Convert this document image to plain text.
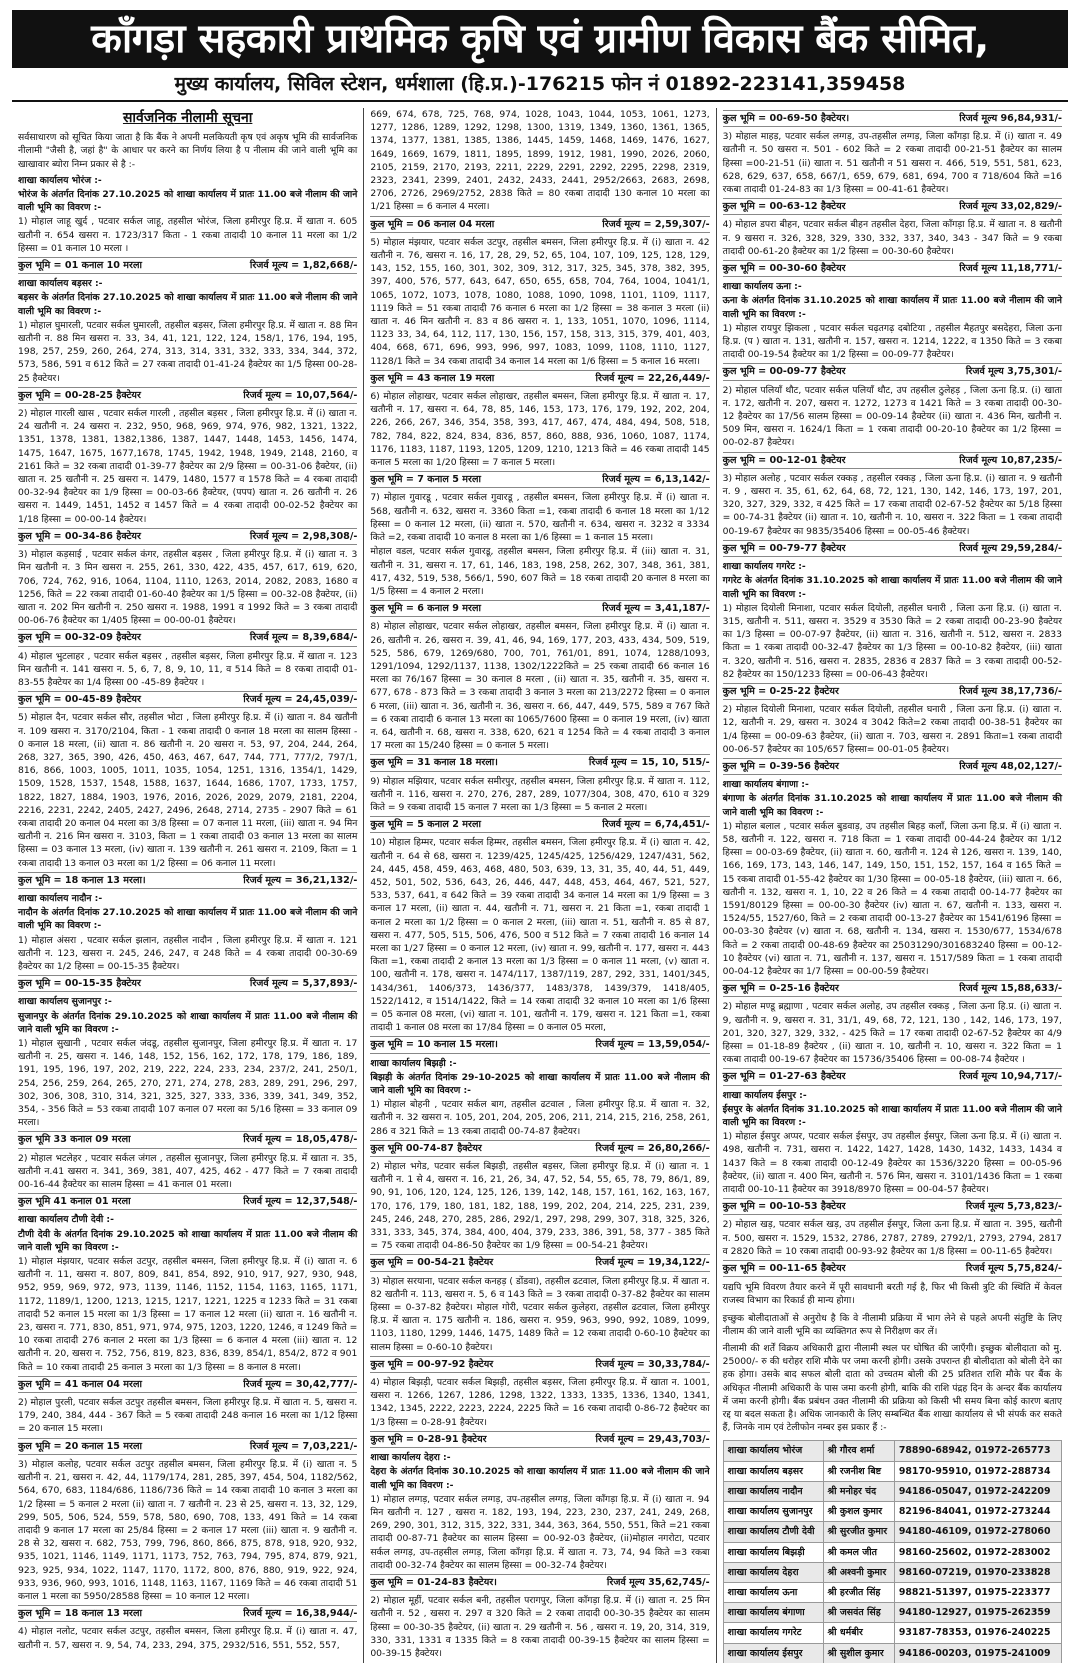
काँगड़ा सहकारी प्राथमिक कृषि एवं ग्रामीण विकास बैंक सीमित,
मुख्य कार्यालय, सिविल स्टेशन, धर्मशाला (हि.प्र.)-176215 फोन नं 01892-223141,359458
सार्वजनिक नीलामी सूचना

सर्वसाधारण को सूचित किया जाता है कि बैंक ने अपनी मलकियती कृष एवं अकृष भूमि की सार्वजनिक नीलामी "जैसी है, जहां है" के आधार पर करने का निर्णय लिया है प नीलाम की जाने वाली भूमि का खाखावार ब्योरा निम्न प्रकार से है :-

शाखा कार्यालय भोरंज :-
भोरंज के अंतर्गत दिनांक 27.10.2025 को शाखा कार्यालय में प्रातः 11.00 बजे नीलाम की जाने वाली भूमि का विवरण :-

1) मोहाल जाहू खुर्द , पटवार सर्कल जाहू, तहसील भोरंज, जिला हमीरपुर हि.प्र. में खाता न. 605 खतौनी न. 654 खसरा न. 1723/317 किता - 1 रकबा तादादी 10 कनाल 11 मरला का 1/2 हिस्सा = 01 कनाल 10 मरला ।

कुल भूमि = 01 कनाल 10 मरला	रिजर्व मूल्य = 1,82,668/-
शाखा कार्यालय बड़सर :-
बड़सर के अंतर्गत दिनांक 27.10.2025 को शाखा कार्यालय में प्रातः 11.00 बजे नीलाम की जाने वाली भूमि का विवरण :-

1) मोहाल घुमारली, पटवार सर्कल घुमारली, तहसील बड़सर, जिला हमीरपुर हि.प्र. में खाता न. 88 मिन खतौनी न. 88 मिन खसरा न. 33, 34, 41, 121, 122, 124, 158/1, 176, 194, 195, 198, 257, 259, 260, 264, 274, 313, 314, 331, 332, 333, 334, 344, 372, 573, 586, 591 व 612 किते = 27 रकबा तादादी 01-41-24 हैक्टेयर का 1/5 हिस्सा 00-28-25 हैक्टेयर।

कुल भूमि = 00-28-25 हैक्टेयर	रिजर्व मूल्य = 10,07,564/-

2) मोहाल गारली खास , पटवार सर्कल गारली , तहसील बड़सर , जिला हमीरपुर हि.प्र. में (i) खाता न. 24 खतौनी न. 24 खसरा न. 232, 950, 968, 969, 974, 976, 982, 1321, 1322, 1351, 1378, 1381, 1382,1386, 1387, 1447, 1448, 1453, 1456, 1474, 1475, 1647, 1675, 1677,1678, 1745, 1942, 1948, 1949, 2148, 2160, व 2161 किते = 32 रकबा तादादी 01-39-77 हैक्टेयर का 2/9 हिस्सा = 00-31-06 हैक्टेयर, (ii) खाता न. 25 खतौनी न. 25 खसरा न. 1479, 1480, 1577 व 1578 किते = 4 रकबा तादादी 00-32-94 हैक्टेयर का 1/9 हिस्सा = 00-03-66 हैक्टेयर, (पपप) खाता न. 26 खतौनी न. 26 खसरा न. 1449, 1451, 1452 व 1457 किते = 4 रकबा तादादी 00-02-52 हैक्टेयर का 1/18 हिस्सा = 00-00-14 हैक्टेयर।

कुल भूमि = 00-34-86 हैक्टेयर	रिजर्व मूल्य = 2,98,308/-

3) मोहाल कड़साई , पटवार सर्कल कंगर, तहसील बड़सर , जिला हमीरपुर हि.प्र. में (i) खाता न. 3 मिन खतौनी न. 3 मिन खसरा न. 255, 261, 330, 422, 435, 457, 617, 619, 620, 706, 724, 762, 916, 1064, 1104, 1110, 1263, 2014, 2082, 2083, 1680 व 1256, किते = 22 रकबा तादादी 01-60-40 हैक्टेयर का 1/5 हिस्सा = 00-32-08 हैक्टेयर, (ii) खाता न. 202 मिन खतौनी न. 250 खसरा न. 1988, 1991 व 1992 किते = 3 रकबा तादादी 00-06-76 हैक्टेयर का 1/405 हिस्सा = 00-00-01 हैक्टेयर।

कुल भूमि = 00-32-09 हैक्टेयर	रिजर्व मूल्य = 8,39,684/-

4) मोहाल भुटलाहर , पटवार सर्कल बड़सर , तहसील बड़सर, जिला हमीरपुर हि.प्र. में खाता न. 123 मिन खतौनी न. 141 खसरा न. 5, 6, 7, 8, 9, 10, 11, व 514 किते = 8 रकबा तादादी 01-83-55 हैक्टेयर का 1/4 हिस्सा 00 -45-89 हैक्टेयर ।

कुल भूमि = 00-45-89 हैक्टेयर	रिजर्व मूल्य = 24,45,039/-

5) मोहाल दैन, पटवार सर्कल सौर, तहसील भोटा , जिला हमीरपुर हि.प्र. में (i) खाता न. 84 खतौनी न. 109 खसरा न. 3170/2104, किता - 1 रकबा तादादी 0 कनाल 18 मरला का सालम हिस्सा - 0 कनाल 18 मरला, (ii) खाता न. 86 खतौनी न. 20 खसरा न. 53, 97, 204, 244, 264, 268, 327, 365, 390, 426, 450, 463, 467, 647, 744, 771, 777/2, 797/1, 816, 866, 1003, 1005, 1011, 1035, 1054, 1251, 1316, 1354/1, 1429, 1509, 1528, 1537, 1548, 1588, 1637, 1644, 1686, 1707, 1733, 1757, 1822, 1827, 1884, 1903, 1976, 2016, 2026, 2029, 2079, 2181, 2204, 2216, 2231, 2242, 2405, 2427, 2496, 2648, 2714, 2735 - 2907 किते = 61 रकबा तादादी 20 कनाल 04 मरला का 3/8 हिस्सा = 07 कनाल 11 मरला, (iii) खाता न. 94 मिन खतौनी न. 216 मिन खसरा न. 3103, किता = 1 रकबा तादादी 03 कनाल 13 मरला का सालम हिस्सा = 03 कनाल 13 मरला, (iv) खाता न. 139 खतौनी न. 261 खसरा न. 2109, किता = 1 रकबा तादादी 13 कनाल 03 मरला का 1/2 हिस्सा = 06 कनाल 11 मरला।

कुल भूमि = 18 कनाल 13 मरला।	रिजर्व मूल्य = 36,21,132/-
शाखा कार्यालय नादौन :-
नादौन के अंतर्गत दिनांक 27.10.2025 को शाखा कार्यालय में प्रातः 11.00 बजे नीलाम की जाने वाली भूमि का विवरण :-

1) मोहाल अंसरा , पटवार सर्कल झलान, तहसील नादौन , जिला हमीरपुर हि.प्र. में खाता न. 121 खतौनी न. 123, खसरा न. 245, 246, 247, व 248 किते = 4 रकबा तादादी 00-30-69 हैक्टेयर का 1/2 हिस्सा = 00-15-35 हैक्टेयर।

कुल भूमि = 00-15-35 हैक्टेयर	रिजर्व मूल्य = 5,37,893/-
शाखा कार्यालय सुजानपुर :-
सुजानपुर के अंतर्गत दिनांक 29.10.2025 को शाखा कार्यालय में प्रातः 11.00 बजे नीलाम की जाने वाली भूमि का विवरण :-

1) मोहाल सुखानी , पटवार सर्कल जंदडू, तहसील सुजानपुर, जिला हमीरपुर हि.प्र. में खाता न. 17 खतौनी न. 25, खसरा न. 146, 148, 152, 156, 162, 172, 178, 179, 186, 189, 191, 195, 196, 197, 202, 219, 222, 224, 233, 234, 237/2, 241, 250/1, 254, 256, 259, 264, 265, 270, 271, 274, 278, 283, 289, 291, 296, 297, 302, 306, 308, 310, 314, 321, 325, 327, 333, 336, 339, 341, 349, 352, 354, - 356 किते = 53 रकबा तादादी 107 कनाल 07 मरला का 5/16 हिस्सा = 33 कनाल 09 मरला।

कुल भूमि 33 कनाल 09 मरला	रिजर्व मूल्य = 18,05,478/-

2) मोहाल भटलेहर , पटवार सर्कल जंगल , तहसील सुजानपुर, जिला हमीरपुर हि.प्र. में खाता न. 35, खतौनी न.41 खसरा न. 341, 369, 381, 407, 425, 462 - 477 किते = 7 रकबा तादादी 00-16-44 हैक्टेयर का सालम हिस्सा = 41 कनाल 01 मरला।

कुल भूमि 41 कनाल 01 मरला	रिजर्व मूल्य = 12,37,548/-
शाखा कार्यालय टौणी देवी :-
टौणी देवी के अंतर्गत दिनांक 29.10.2025 को शाखा कार्यालय में प्रातः 11.00 बजे नीलाम की जाने वाली भूमि का विवरण :-

1) मोहाल मंझयार, पटवार सर्कल उटपुर, तहसील बमसन, जिला हमीरपुर हि.प्र. में (i) खाता न. 6 खतौनी न. 11, खसरा न. 807, 809, 841, 854, 892, 910, 917, 927, 930, 948, 952, 959, 969, 972, 973, 1139, 1146, 1152, 1154, 1163, 1165, 1171, 1172, 1189/1, 1200, 1213, 1215, 1217, 1221, 1225 व 1233 किते = 31 रकबा तादादी 52 कनाल 15 मरला का 1/3 हिस्सा = 17 कनाल 12 मरला (ii) खाता न. 16 खतौनी न. 23, खसरा न. 771, 830, 851, 971, 974, 975, 1203, 1220, 1246, व 1249 किते = 10 रकबा तादादी 276 कनाल 2 मरला का 1/3 हिस्सा = 6 कनाल 4 मरला (iii) खाता न. 12 खतौनी न. 20, खसरा न. 752, 756, 819, 823, 836, 839, 854/1, 854/2, 872 व 901 किते = 10 रकबा तादादी 25 कनाल 3 मरला का 1/3 हिस्सा = 8 कनाल 8 मरला।

कुल भूमि = 41 कनाल 04 मरला	रिजर्व मूल्य = 30,42,777/-

2) मोहाल पुरली, पटवार सर्कल उटपुर तहसील बमसन, जिला हमीरपुर हि.प्र. में खाता न. 5, खसरा न. 179, 240, 384, 444 - 367 किते = 5 रकबा तादादी 248 कनाल 16 मरला का 1/12 हिस्सा = 20 कनाल 15 मरला।

कुल भूमि = 20 कनाल 15 मरला	रिजर्व मूल्य = 7,03,221/-

3) मोहाल कलोह, पटवार सर्कल उटपुर तहसील बमसन, जिला हमीरपुर हि.प्र. में (i) खाता न. 5 खतौनी न. 21, खसरा न. 42, 44, 1179/174, 281, 285, 397, 454, 504, 1182/562, 564, 670, 683, 1184/686, 1186/736 किते = 14 रकबा तादादी 10 कनाल 3 मरला का 1/2 हिस्सा = 5 कनाल 2 मरला (ii) खाता न. 7 खतौनी न. 23 से 25, खसरा न. 13, 32, 129, 299, 505, 506, 524, 559, 578, 580, 690, 708, 133, 491 किते = 14 रकबा तादादी 9 कनाल 17 मरला का 25/84 हिस्सा = 2 कनाल 17 मरला (iii) खाता न. 9 खतौनी न. 28 से 32, खसरा न. 682, 753, 799, 796, 860, 866, 875, 878, 918, 920, 932, 935, 1021, 1146, 1149, 1171, 1173, 752, 763, 794, 795, 874, 879, 921, 923, 925, 934, 1022, 1147, 1170, 1172, 800, 876, 880, 919, 922, 924, 933, 936, 960, 993, 1016, 1148, 1163, 1167, 1169 किते = 46 रकबा तादादी 51 कनाल 1 मरला का 5950/28588 हिस्सा = 10 कनाल 12 मरला।

कुल भूमि = 18 कनाल 13 मरला	रिजर्व मूल्य = 16,38,944/-

4) मोहाल नलोट, पटवार सर्कल उटपुर, तहसील बमसन, जिला हमीरपुर हि.प्र. में (i) खाता न. 47, खतौनी न. 57, खसरा न. 9, 54, 74, 233, 294, 375, 2932/516, 551, 552, 557,

669, 674, 678, 725, 768, 974, 1028, 1043, 1044, 1053, 1061, 1273, 1277, 1286, 1289, 1292, 1298, 1300, 1319, 1349, 1360, 1361, 1365, 1374, 1377, 1381, 1385, 1386, 1445, 1459, 1468, 1469, 1476, 1627, 1649, 1669, 1679, 1811, 1895, 1899, 1912, 1981, 1990, 2026, 2060, 2105, 2159, 2170, 2193, 2211, 2229, 2291, 2292, 2295, 2298, 2319, 2323, 2341, 2399, 2401, 2432, 2433, 2441, 2952/2663, 2683, 2698, 2706, 2726, 2969/2752, 2838 किते = 80 रकबा तादादी 130 कनाल 10 मरला का 1/21 हिस्सा = 6 कनाल 4 मरला।

कुल भूमि = 06 कनाल 04 मरला	रिजर्व मूल्य = 2,59,307/-

5) मोहाल मंझयार, पटवार सर्कल उटपुर, तहसील बमसन, जिला हमीरपुर हि.प्र. में (i) खाता न. 42 खतौनी न. 76, खसरा न. 16, 17, 28, 29, 52, 65, 104, 107, 109, 125, 128, 129, 143, 152, 155, 160, 301, 302, 309, 312, 317, 325, 345, 378, 382, 395, 397, 400, 576, 577, 643, 647, 650, 655, 658, 704, 764, 1004, 1041/1, 1065, 1072, 1073, 1078, 1080, 1088, 1090, 1098, 1101, 1109, 1117, 1119 किते = 51 रकबा तादादी 76 कनाल 6 मरला का 1/2 हिस्सा = 38 कनाल 3 मरला (ii) खाता न. 46 मिन खतौनी न. 83 व 86 खसरा न. 1, 133, 1051, 1070, 1096, 1114, 1123 33, 34, 64, 112, 117, 130, 156, 157, 158, 313, 315, 379, 401, 403, 404, 668, 671, 696, 993, 996, 997, 1083, 1099, 1108, 1110, 1127, 1128/1 किते = 34 रकबा तादादी 34 कनाल 14 मरला का 1/6 हिस्सा = 5 कनाल 16 मरला।

कुल भूमि = 43 कनाल 19 मरला	रिजर्व मूल्य = 22,26,449/-

6) मोहाल लोहाखर, पटवार सर्कल लोहाखर, तहसील बमसन, जिला हमीरपुर हि.प्र. में खाता न. 17, खतौनी न. 17, खसरा न. 64, 78, 85, 146, 153, 173, 176, 179, 192, 202, 204, 226, 266, 267, 346, 354, 358, 393, 417, 467, 474, 484, 494, 508, 518, 782, 784, 822, 824, 834, 836, 857, 860, 888, 936, 1060, 1087, 1174, 1176, 1183, 1187, 1193, 1205, 1209, 1210, 1213 किते = 46 रकबा तादादी 145 कनाल 5 मरला का 1/20 हिस्सा = 7 कनाल 5 मरला।

कुल भूमि = 7 कनाल 5 मरला	रिजर्व मूल्य = 6,13,142/-

7) मोहाल गुवारडू , पटवार सर्कल गुवारडू , तहसील बमसन, जिला हमीरपुर हि.प्र. में (i) खाता न. 568, खतौनी न. 632, खसरा न. 3360 किता =1, रकबा तादादी 6 कनाल 18 मरला का 1/12 हिस्सा = 0 कनाल 12 मरला, (ii) खाता न. 570, खतौनी न. 634, खसरा न. 3232 व 3334 किते =2, रकबा तादादी 10 कनाल 8 मरला का 1/6 हिस्सा = 1 कनाल 15 मरला।

मोहाल वडल, पटवार सर्कल गुवारडू, तहसील बमसन, जिला हमीरपुर हि.प्र. में (iii) खाता न. 31, खतौनी न. 31, खसरा न. 17, 61, 146, 183, 198, 258, 262, 307, 348, 361, 381, 417, 432, 519, 538, 566/1, 590, 607 किते = 18 रकबा तादादी 20 कनाल 8 मरला का 1/5 हिस्सा = 4 कनाल 2 मरला।

कुल भूमि = 6 कनाल 9 मरला	रिजर्व मूल्य = 3,41,187/-

8) मोहाल लोहाखर, पटवार सर्कल लोहाखर, तहसील बमसन, जिला हमीरपुर हि.प्र. में (i) खाता न. 26, खतौनी न. 26, खसरा न. 39, 41, 46, 94, 169, 177, 203, 433, 434, 509, 519, 525, 586, 679, 1269/680, 700, 701, 761/01, 891, 1074, 1288/1093, 1291/1094, 1292/1137, 1138, 1302/1222किते = 25 रकबा तादादी 66 कनाल 16 मरला का 76/167 हिस्सा = 30 कनाल 8 मरला , (ii) खाता न. 35, खतौनी न. 35, खसरा न. 677, 678 - 873 किते = 3 रकबा तादादी 3 कनाल 3 मरला का 213/2272 हिस्सा = 0 कनाल 6 मरला, (iii) खाता न. 36, खतौनी न. 36, खसरा न. 66, 447, 449, 575, 589 व 767 किते = 6 रकबा तादादी 6 कनाल 13 मरला का 1065/7600 हिस्सा = 0 कनाल 19 मरला, (iv) खाता न. 64, खतौनी न. 68, खसरा न. 338, 620, 621 व 1254 किते = 4 रकबा तादादी 3 कनाल 17 मरला का 15/240 हिस्सा = 0 कनाल 5 मरला।

कुल भूमि = 31 कनाल 18 मरला।	रिजर्व मूल्य = 15, 10, 515/-

9) मोहाल मझियार, पटवार सर्कल समीरपुर, तहसील बमसन, जिला हमीरपुर हि.प्र. में खाता न. 112, खतौनी न. 116, खसरा न. 270, 276, 287, 289, 1077/304, 308, 470, 610 व 329 किते = 9 रकबा तादादी 15 कनाल 7 मरला का 1/3 हिस्सा = 5 कनाल 2 मरला।

कुल भूमि = 5 कनाल 2 मरला	रिजर्व मूल्य = 6,74,451/-

10) मोहाल हिम्मर, पटवार सर्कल हिम्मर, तहसील बमसन, जिला हमीरपुर हि.प्र. में (i) खाता न. 42, खतौनी न. 64 से 68, खसरा न. 1239/425, 1245/425, 1256/429, 1247/431, 562, 24, 445, 458, 459, 463, 468, 480, 503, 639, 13, 31, 35, 40, 44, 51, 449, 452, 501, 502, 536, 643, 26, 446, 447, 448, 453, 464, 467, 521, 527, 533, 537, 641, व 642 किते = 39 रकबा तादादी 34 कनाल 14 मरला का 1/9 हिस्सा = 3 कनाल 17 मरला, (ii) खाता न. 44, खतौनी न. 71, खसरा न. 21 किता =1, रकबा तादादी 1 कनाल 2 मरला का 1/2 हिस्सा = 0 कनाल 2 मरला, (iii) खाता न. 51, खतौनी न. 85 से 87, खसरा न. 477, 505, 515, 506, 476, 500 व 512 किते = 7 रकबा तादादी 16 कनाल 14 मरला का 1/27 हिस्सा = 0 कनाल 12 मरला, (iv) खाता न. 99, खतौनी न. 177, खसरा न. 443 किता =1, रकबा तादादी 2 कनाल 13 मरला का 1/3 हिस्सा = 0 कनाल 11 मरला, (v) खाता न. 100, खतौनी न. 178, खसरा न. 1474/117, 1387/119, 287, 292, 331, 1401/345, 1434/361, 1406/373, 1436/377, 1483/378, 1439/379, 1418/405, 1522/1412, व 1514/1422, किते = 14 रकबा तादादी 32 कनाल 10 मरला का 1/6 हिस्सा = 05 कनाल 08 मरला, (vi) खाता न. 101, खतौनी न. 179, खसरा न. 121 किता =1, रकबा तादादी 1 कनाल 08 मरला का 17/84 हिस्सा = 0 कनाल 05 मरला,

कुल भूमि = 10 कनाल 15 मरला।	रिजर्व मूल्य = 13,59,054/-
शाखा कार्यालय बिझड़ी :-
बिझड़ी के अंतर्गत दिनांक 29-10-2025 को शाखा कार्यालय में प्रातः 11.00 बजे नीलाम की जाने वाली भूमि का विवरण :-

1) मोहाल बोहनी , पटवार सर्कल बाग, तहसील ढटवाल , जिला हमीरपुर हि.प्र. में खाता न. 32, खतौनी न. 32 खसरा न. 105, 201, 204, 205, 206, 211, 214, 215, 216, 258, 261, 286 व 321 किते = 13 रकबा तादादी 00-74-87 हैक्टेयर।

कुल भूमि 00-74-87 हैक्टेयर	रिजर्व मूल्य = 26,80,266/-

2) मोहाल भगेड, पटवार सर्कल बिझड़ी, तहसील बड़सर, जिला हमीरपुर हि.प्र. में (i) खाता न. 1 खतौनी न. 1 से 4, खसरा न. 16, 21, 26, 34, 47, 52, 54, 55, 65, 78, 79, 86/1, 89, 90, 91, 106, 120, 124, 125, 126, 139, 142, 148, 157, 161, 162, 163, 167, 170, 176, 179, 180, 181, 182, 188, 199, 202, 204, 214, 225, 231, 239, 245, 246, 248, 270, 285, 286, 292/1, 297, 298, 299, 307, 318, 325, 326, 331, 333, 345, 374, 384, 400, 404, 379, 233, 386, 391, 58, 377 - 385 किते = 75 रकबा तादादी 04-86-50 हैक्टेयर का 1/9 हिस्सा = 00-54-21 हैक्टेयर।

कुल भूमि = 00-54-21 हैक्टेयर	रिजर्व मूल्य = 19,34,122/-

3) मोहाल सरयाना, पटवार सर्कल कनहड़ ( डोंडवा), तहसील ढटवाल, जिला हमीरपुर हि.प्र. में खाता न. 82 खतौनी न. 113, खसरा न. 5, 6 व 143 किते = 3 रकबा तादादी 0-37-82 हैक्टेयर का सालम हिस्सा = 0-37-82 हैक्टेयर। मोहाल गोरी, पटवार सर्कल कुलेहरा, तहसील ढटवाल, जिला हमीरपुर हि.प्र. में खाता न. 175 खतौनी न. 186, खसरा न. 959, 963, 990, 992, 1089, 1099, 1103, 1180, 1299, 1446, 1475, 1489 किते = 12 रकबा तादादी 0-60-10 हैक्टेयर का सालम हिस्सा = 0-60-10 हैक्टेयर।

कुल भूमि = 00-97-92 हैक्टेयर	रिजर्व मूल्य = 30,33,784/-

4) मोहाल बिझड़ी, पटवार सर्कल बिझड़ी, तहसील बड़सर, जिला हमीरपुर हि.प्र. में खाता न. 1001, खसरा न. 1266, 1267, 1286, 1298, 1322, 1333, 1335, 1336, 1340, 1341, 1342, 1345, 2222, 2223, 2224, 2225 किते = 16 रकबा तादादी 0-86-72 हैक्टेयर का 1/3 हिस्सा = 0-28-91 हैक्टेयर।

कुल भूमि = 0-28-91 हैक्टेयर	रिजर्व मूल्य = 29,43,703/-
शाखा कार्यालय देहरा :-
देहरा के अंतर्गत दिनांक 30.10.2025 को शाखा कार्यालय में प्रातः 11.00 बजे नीलाम की जाने वाली भूमि का विवरण :-

1) मोहाल लग्गड़, पटवार सर्कल लग्गड़, उप-तहसील लग्गड़, जिला काँगड़ा हि.प्र. में (i) खाता न. 94 मिन खतौनी न. 127 , खसरा न. 182, 193, 194, 223, 230, 237, 241, 249, 268, 269, 290, 301, 312, 315, 322, 331, 344, 363, 364, 550, 551, किते =21 रकबा तादादी 00-87-71 हैक्टेयर का सालम हिस्सा = 00-92-03 हैक्टेयर, (ii)मोहाल नगरोटा, पटवार सर्कल लग्गड़, उप-तहसील लग्गड़, जिला काँगड़ा हि.प्र. में खाता न. 73, 74, 94 किते =3 रकबा तादादी 00-32-74 हैक्टेयर का सालम हिस्सा = 00-32-74 हैक्टेयर।

कुल भूमि = 01-24-83 हैक्टेयर।	रिजर्व मूल्य 35,62,745/-

2) मोहाल मूहीं, पटवार सर्कल बनी, तहसील परागपुर, जिला काँगड़ा हि.प्र. में (i) खाता न. 25 मिन खतौनी न. 52 , खसरा न. 297 व 320 किते = 2 रकबा तादादी 00-30-35 हैक्टेयर का सालम हिस्सा = 00-30-35 हैक्टेयर, (ii) खाता न. 29 खतौनी न. 56 , खसरा न. 19, 20, 314, 319, 330, 331, 1331 व 1335 किते = 8 रकबा तादादी 00-39-15 हैक्टेयर का सालम हिस्सा = 00-39-15 हैक्टेयर।

कुल भूमि = 00-69-50 हैक्टेयर।	रिजर्व मूल्य 96,84,931/-

3) मोहाल माहड़, पटवार सर्कल लग्गड़, उप-तहसील लग्गड़, जिला काँगड़ा हि.प्र. में (i) खाता न. 49 खतौनी न. 50 खसरा न. 501 - 602 किते = 2 रकबा तादादी 00-21-51 हैक्टेयर का सालम हिस्सा =00-21-51 (ii) खाता न. 51 खतौनी न 51 खसरा न. 466, 519, 551, 581, 623, 628, 629, 637, 658, 667/1, 659, 679, 681, 694, 700 व 718/604 किते =16 रकबा तादादी 01-24-83 का 1/3 हिस्सा = 00-41-61 हैक्टेयर।

कुल भूमि = 00-63-12 हैक्टेयर	रिजर्व मूल्य 33,02,829/-

4) मोहाल डपरा बीहन, पटवार सर्कल बीहन तहसील देहरा, जिला काँगड़ा हि.प्र. में खाता न. 8 खतौनी न. 9 खसरा न. 326, 328, 329, 330, 332, 337, 340, 343 - 347 किते = 9 रकबा तादादी 00-61-20 हैक्टेयर का 1/2 हिस्सा = 00-30-60 हैक्टेयर।

कुल भूमि = 00-30-60 हैक्टेयर	रिजर्व मूल्य 11,18,771/-
शाखा कार्यालय ऊना :-
ऊना के अंतर्गत दिनांक 31.10.2025 को शाखा कार्यालय में प्रातः 11.00 बजे नीलाम की जाने वाली भूमि का विवरण :-

1) मोहाल रायपुर झिकला , पटवार सर्कल चढ़तगढ़ दबोटिया , तहसील मैहतपुर बसदेहरा, जिला ऊना हि.प्र. (प ) खाता न. 131, खतौनी न. 157, खसरा न. 1214, 1222, व 1350 किते = 3 रकबा तादादी 00-19-54 हैक्टेयर का 1/2 हिस्सा = 00-09-77 हैक्टेयर।

कुल भूमि = 00-09-77 हैक्टेयर	रिजर्व मूल्य 3,75,301/-

2) मोहाल पलियाँ थौट, पटवार सर्कल पलियाँ थौट, उप तहसील ठुलेहड़ , जिला ऊना हि.प्र. (i) खाता न. 172, खतौनी न. 207, खसरा न. 1272, 1273 व 1421 किते = 3 रकबा तादादी 00-30-12 हैक्टेयर का 17/56 सालम हिस्सा = 00-09-14 हैक्टेयर (ii) खाता न. 436 मिन, खतौनी न. 509 मिन, खसरा न. 1624/1 किता = 1 रकबा तादादी 00-20-10 हैक्टेयर का 1/2 हिस्सा = 00-02-87 हैक्टेयर।

कुल भूमि = 00-12-01 हैक्टेयर	रिजर्व मूल्य 10,87,235/-

3) मोहाल अलोह , पटवार सर्कल रक्कड़ , तहसील रक्कड़ , जिला ऊना हि.प्र. (i) खाता न. 9 खतौनी न. 9 , खसरा न. 35, 61, 62, 64, 68, 72, 121, 130, 142, 146, 173, 197, 201, 320, 327, 329, 332, व 425 किते = 17 रकबा तादादी 02-67-52 हैक्टेयर का 5/18 हिस्सा = 00-74-31 हैक्टेयर (ii) खाता न. 10, खतौनी न. 10, खसरा न. 322 किता = 1 रकबा तादादी 00-19-67 हैक्टेयर का 9835/35406 हिस्सा = 00-05-46 हैक्टेयर।

कुल भूमि = 00-79-77 हैक्टेयर	रिजर्व मूल्य 29,59,284/-
शाखा कार्यालय गगरेट :-
गगरेट के अंतर्गत दिनांक 31.10.2025 को शाखा कार्यालय में प्रातः 11.00 बजे नीलाम की जाने वाली भूमि का विवरण :-

1) मोहाल दियोली मिनाशा, पटवार सर्कल दियोली, तहसील घनारी , जिला ऊना हि.प्र. (i) खाता न. 315, खतौनी न. 511, खसरा न. 3529 व 3530 किते = 2 रकबा तादादी 00-23-90 हैक्टेयर का 1/3 हिस्सा = 00-07-97 हैक्टेयर, (ii) खाता न. 316, खतौनी न. 512, खसरा न. 2833 किता = 1 रकबा तादादी 00-32-47 हैक्टेयर का 1/3 हिस्सा = 00-10-82 हैक्टेयर, (iii) खाता न. 320, खतौनी न. 516, खसरा न. 2835, 2836 व 2837 किते = 3 रकबा तादादी 00-52-82 हैक्टेयर का 150/1233 हिस्सा = 00-06-43 हैक्टेयर।

कुल भूमि = 0-25-22 हैक्टेयर	रिजर्व मूल्य 38,17,736/-

2) मोहाल दियोली मिनाशा, पटवार सर्कल दियोली, तहसील घनारी , जिला ऊना हि.प्र. (i) खाता न. 12, खतौनी न. 29, खसरा न. 3024 व 3042 किते=2 रकबा तादादी 00-38-51 हैक्टेयर का 1/4 हिस्सा = 00-09-63 हैक्टेयर, (ii) खाता न. 703, खसरा न. 2891 किता=1 रकबा तादादी 00-06-57 हैक्टेयर का 105/657 हिस्सा= 00-01-05 हैक्टेयर।

कुल भूमि = 0-39-56 हैक्टेयर	रिजर्व मूल्य 48,02,127/-
शाखा कार्यालय बंगाणा :-
बंगाणा के अंतर्गत दिनांक 31.10.2025 को शाखा कार्यालय में प्रातः 11.00 बजे नीलाम की जाने वाली भूमि का विवरण :-

1) मोहाल बलाल , पटवार सर्कल बुडवाड़, उप तहसील बिहड़ कलाँ, जिला ऊना हि.प्र. में (i) खाता न. 58, खतौनी न. 122, खसरा न. 718 किता = 1 रकबा तादादी 00-44-24 हैक्टेयर का 1/12 हिस्सा = 00-03-69 हैक्टेयर, (ii) खाता न. 60, खतौनी न. 124 से 126, खसरा न. 139, 140, 166, 169, 173, 143, 146, 147, 149, 150, 151, 152, 157, 164 व 165 किते = 15 रकबा तादादी 01-55-42 हैक्टेयर का 1/30 हिस्सा = 00-05-18 हैक्टेयर, (iii) खाता न. 66, खतौनी न. 132, खसरा न. 1, 10, 22 व 26 किते = 4 रकबा तादादी 00-14-77 हैक्टेयर का 1591/80129 हिस्सा = 00-00-30 हैक्टेयर (iv) खाता न. 67, खतौनी न. 133, खसरा न. 1524/55, 1527/60, किते = 2 रकबा तादादी 00-13-27 हैक्टेयर का 1541/6196 हिस्सा = 00-03-30 हैक्टेयर (v) खाता न. 68, खतौनी न. 134, खसरा न. 1530/677, 1534/678 किते = 2 रकबा तादादी 00-48-69 हैक्टेयर का 25031290/301683240 हिस्सा = 00-12-10 हैक्टेयर (vi) खाता न. 71, खतौनी न. 137, खसरा न. 1517/589 किता = 1 रकबा तादादी 00-04-12 हैक्टेयर का 1/7 हिस्सा = 00-00-59 हैक्टेयर।

कुल भूमि = 0-25-16 हैक्टेयर	रिजर्व मूल्य 15,88,633/-

2) मोहाल मण्डू ब्रह्माणा , पटवार सर्कल अलोह, उप तहसील रक्कड़ , जिला ऊना हि.प्र. (i) खाता न. 9, खतौनी न. 9, खसरा न. 31, 31/1, 49, 68, 72, 121, 130 , 142, 146, 173, 197, 201, 320, 327, 329, 332, - 425 किते = 17 रकबा तादादी 02-67-52 हैक्टेयर का 4/9 हिस्सा = 01-18-89 हैक्टेयर , (ii) खाता न. 10, खतौनी न. 10, खसरा न. 322 किता = 1 रकबा तादादी 00-19-67 हैक्टेयर का 15736/35406 हिस्सा = 00-08-74 हैक्टेयर ।

कुल भूमि = 01-27-63 हैक्टेयर	रिजर्व मूल्य 10,94,717/-
शाखा कार्यालय ईसपुर :-
ईसपुर के अंतर्गत दिनांक 31.10.2025 को शाखा कार्यालय में प्रातः 11.00 बजे नीलाम की जाने वाली भूमि का विवरण :-

1) मोहाल ईसपुर अप्पर, पटवार सर्कल ईसपुर, उप तहसील ईसपुर, जिला ऊना हि.प्र. में (i) खाता न. 498, खतौनी न. 731, खसरा न. 1422, 1427, 1428, 1430, 1432, 1433, 1434 व 1437 किते = 8 रकबा तादादी 00-12-49 हैक्टेयर का 1536/3220 हिस्सा = 00-05-96 हैक्टेयर, (ii) खाता न. 400 मिन, खतौनी न. 576 मिन, खसरा न. 3101/1436 किता = 1 रकबा तादादी 00-10-11 हैक्टेयर का 3918/8970 हिस्सा = 00-04-57 हैक्टेयर।

कुल भूमि = 00-10-53 हैक्टेयर	रिजर्व मूल्य 5,73,823/-

2) मोहाल खड़, पटवार सर्कल खड़, उप तहसील ईसपुर, जिला ऊना हि.प्र. में खाता न. 395, खतौनी न. 500, खसरा न. 1529, 1532, 2786, 2787, 2789, 2792/1, 2793, 2794, 2817 व 2820 किते = 10 रकबा तादादी 00-93-92 हैक्टेयर का 1/8 हिस्सा = 00-11-65 हैक्टेयर।

कुल भूमि = 00-11-65 हैक्टेयर	रिजर्व मूल्य 5,75,824/-

यद्यपि भूमि विवरण तैयार करने में पूरी सावधानी बरती गई है, फिर भी किसी त्रुटि की स्थिति में केवल राजस्व विभाग का रिकार्ड ही मान्य होगा।

इच्छुक बोलीदाताओं से अनुरोध है कि वे नीलामी प्रक्रिया में भाग लेने से पहले अपनी संतुष्टि के लिए नीलाम की जाने वाली भूमि का व्यक्तिगत रूप से निरीक्षण कर लें।

नीलामी की शर्तें विक्रय अधिकारी द्वारा नीलामी स्थल पर घोषित की जाएँगी। इच्छुक बोलीदाता को मु. 25000/- रु की धरोहर राशि मौके पर जमा करनी होगी। उसके उपरान्त ही बोलीदाता को बोली देने का हक होगा। उसके बाद सफल बोली दाता को उच्चतम बोली की 25 प्रतिशत राशि मौके पर बैंक के अधिकृत नीलामी अधिकारी के पास जमा करनी होगी, बाकि की राशि पंद्रह दिन के अन्दर बैंक कार्यालय में जमा करनी होगी। बैंक प्रबंधन उक्त नीलामी की प्रक्रिया को किसी भी समय बिना कोई कारण बताए रद्द या बदल सकता है। अधिक जानकारी के लिए सम्बन्धित बैंक शाखा कार्यालय से भी संपर्क कर सकते हैं, जिनके नाम एवं टेलीफोन नम्बर इस प्रकार हैं :-

शाखा कार्यालय भोरंज	श्री गौरव शर्मा	78890-68942, 01972-265773
शाखा कार्यालय बड़सर	श्री रजनीश बिष्ट	98170-95910, 01972-288734
शाखा कार्यालय नादौन	श्री मनोहर चंद	94186-05047, 01972-242209
शाखा कार्यालय सुजानपुर	श्री कुशल कुमार	82196-84041, 01972-273244
शाखा कार्यालय टौणी देवी	श्री सुरजीत कुमार	94180-46109, 01972-278060
शाखा कार्यालय बिझड़ी	श्री कमल जीत	98160-25602, 01972-283002
शाखा कार्यालय देहरा	श्री अश्वनी कुमार	98160-07219, 01970-233828
शाखा कार्यालय ऊना	श्री हरजीत सिंह	98821-51397, 01975-223377
शाखा कार्यालय बंगाणा	श्री जसवंत सिंह	94180-12927, 01975-262359
शाखा कार्यालय गगरेट	श्री धर्मबीर	93187-78353, 01976-240225
शाखा कार्यालय ईसपुर	श्री सुशील कुमार	94186-00203, 01975-241009
